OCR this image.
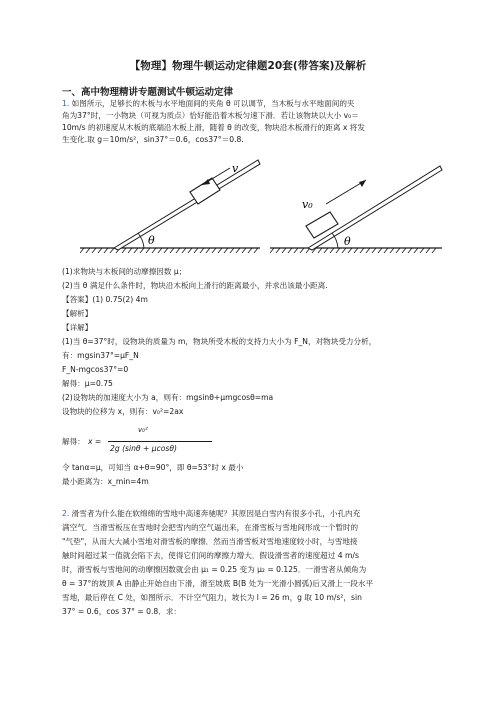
【物理】物理牛顿运动定律题20套(带答案)及解析
一、高中物理精讲专题测试牛顿运动定律
1. 如图所示，足够长的木板与水平地面间的夹角 θ 可以调节，当木板与水平地面间的夹
角为37°时，一小物块（可视为质点）恰好能沿着木板匀速下滑．若让该物块以大小 v₀＝
10m/s 的初速度从木板的底端沿木板上滑，随着 θ 的改变，物块沿木板滑行的距离 x 将发
生变化.取 g＝10m/s²，sin37°＝0.6，cos37°＝0.8.
θ
v
θ
v₀
(1)求物块与木板间的动摩擦因数 μ；
(2)当 θ 满足什么条件时，物块沿木板向上滑行的距离最小，并求出该最小距离.
【答案】(1) 0.75(2) 4m
【解析】
【详解】
(1)当 θ=37°时，设物块的质量为 m，物块所受木板的支持力大小为 F_N，对物块受力分析，
有：mgsin37°=μF_N
F_N-mgcos37°=0
解得：μ=0.75
(2)设物块的加速度大小为 a，则有：mgsinθ+μmgcosθ=ma
设物块的位移为 x，则有：v₀²=2ax
解得： x =
v₀²
2g (sinθ + μcosθ)
令 tanα=μ，可知当 α+θ=90°，即 θ=53°时 x 最小
最小距离为：x_min=4m
2. 滑雪者为什么能在软绵绵的雪地中高速奔驰呢？其原因是白雪内有很多小孔，小孔内充
满空气．当滑雪板压在雪地时会把雪内的空气逼出来，在滑雪板与雪地间形成一个暂时的
"气垫"，从而大大减小雪地对滑雪板的摩擦．然而当滑雪板对雪地速度较小时，与雪地接
触时间超过某一值就会陷下去，使得它们间的摩擦力增大．假设滑雪者的速度超过 4 m/s
时，滑雪板与雪地间的动摩擦因数就会由 μ₁ = 0.25 变为 μ₂ = 0.125．一滑雪者从倾角为
θ = 37°的坡顶 A 由静止开始自由下滑，滑至坡底 B(B 处为一光滑小圆弧)后又滑上一段水平
雪地，最后停在 C 处，如图所示．不计空气阻力，坡长为 l = 26 m，g 取 10 m/s²，sin
37° = 0.6，cos 37° = 0.8．求：
